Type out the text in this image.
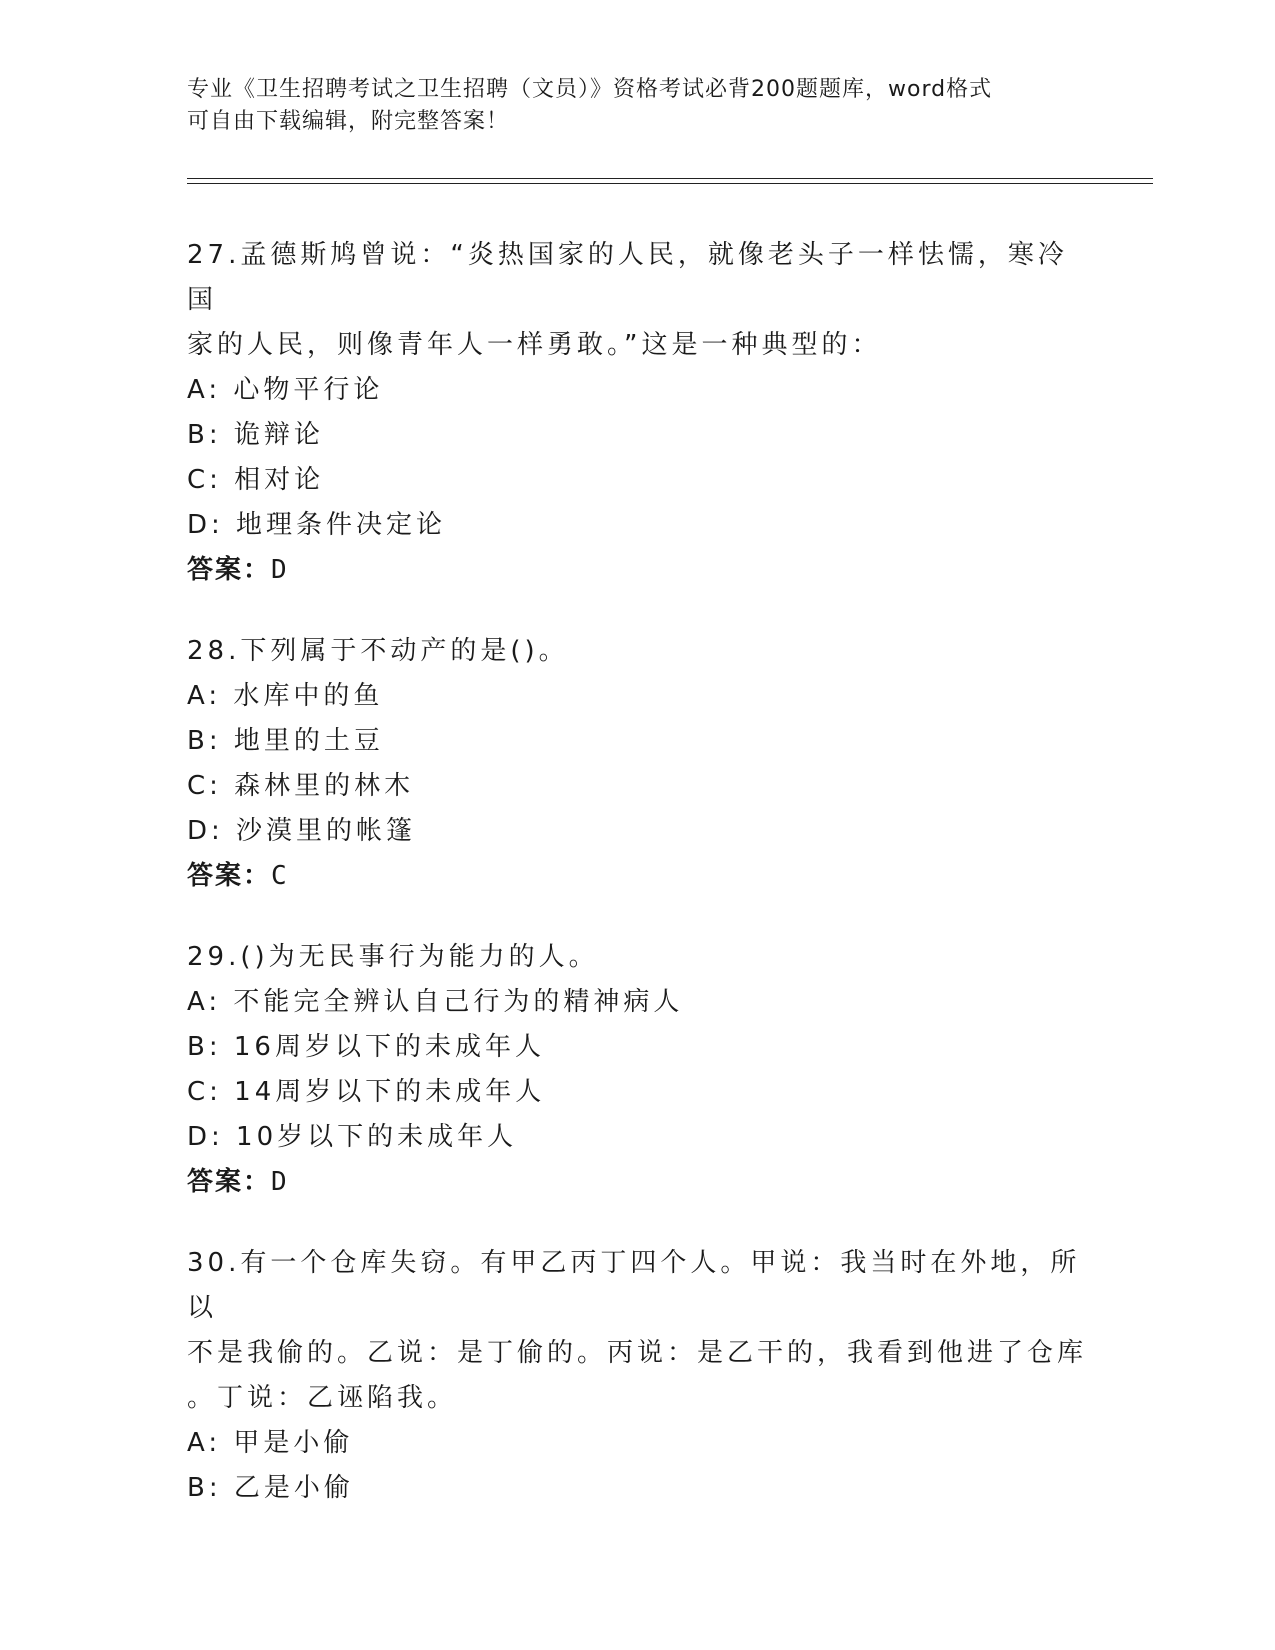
专业《卫生招聘考试之卫生招聘（文员）》资格考试必背200题题库，word格式
可自由下载编辑，附完整答案！

27.孟德斯鸠曾说：“炎热国家的人民，就像老头子一样怯懦，寒冷国

家的人民，则像青年人一样勇敢。”这是一种典型的：

A: 心物平行论

B: 诡辩论

C: 相对论

D: 地理条件决定论

答案：D

28.下列属于不动产的是()。

A: 水库中的鱼

B: 地里的土豆

C: 森林里的林木

D: 沙漠里的帐篷

答案：C

29.()为无民事行为能力的人。

A: 不能完全辨认自己行为的精神病人

B: 16周岁以下的未成年人

C: 14周岁以下的未成年人

D: 10岁以下的未成年人

答案：D

30.有一个仓库失窃。有甲乙丙丁四个人。甲说：我当时在外地，所以

不是我偷的。乙说：是丁偷的。丙说：是乙干的，我看到他进了仓库

。丁说：乙诬陷我。

A: 甲是小偷

B: 乙是小偷
